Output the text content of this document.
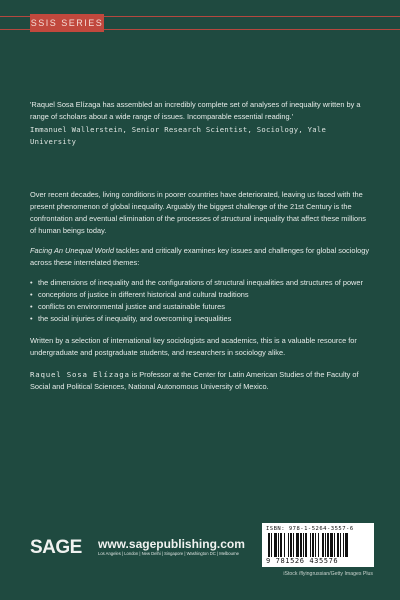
SSIS SERIES

'Raquel Sosa Elízaga has assembled an incredibly complete set of analyses of inequality written by a range of scholars about a wide range of issues. Incomparable essential reading.'

Immanuel Wallerstein, Senior Research Scientist, Sociology, Yale University

Over recent decades, living conditions in poorer countries have deteriorated, leaving us faced with the present phenomenon of global inequality. Arguably the biggest challenge of the 21st Century is the confrontation and eventual elimination of the processes of structural inequality that affect these millions of human beings today.

Facing An Unequal World tackles and critically examines key issues and challenges for global sociology across these interrelated themes:

• the dimensions of inequality and the configurations of structural inequalities and structures of power
• conceptions of justice in different historical and cultural traditions
• conflicts on environmental justice and sustainable futures
• the social injuries of inequality, and overcoming inequalities

Written by a selection of international key sociologists and academics, this is a valuable resource for undergraduate and postgraduate students, and researchers in sociology alike.

Raquel Sosa Elízaga is Professor at the Center for Latin American Studies of the Faculty of Social and Political Sciences, National Autonomous University of Mexico.

SAGE www.sagepublishing.com
Los Angeles | London | New Delhi | Singapore | Washington DC | Melbourne
ISBN: 978-1-5264-3557-6
9 781526 435576
iStock /flyingrussian/Getty Images Plus
